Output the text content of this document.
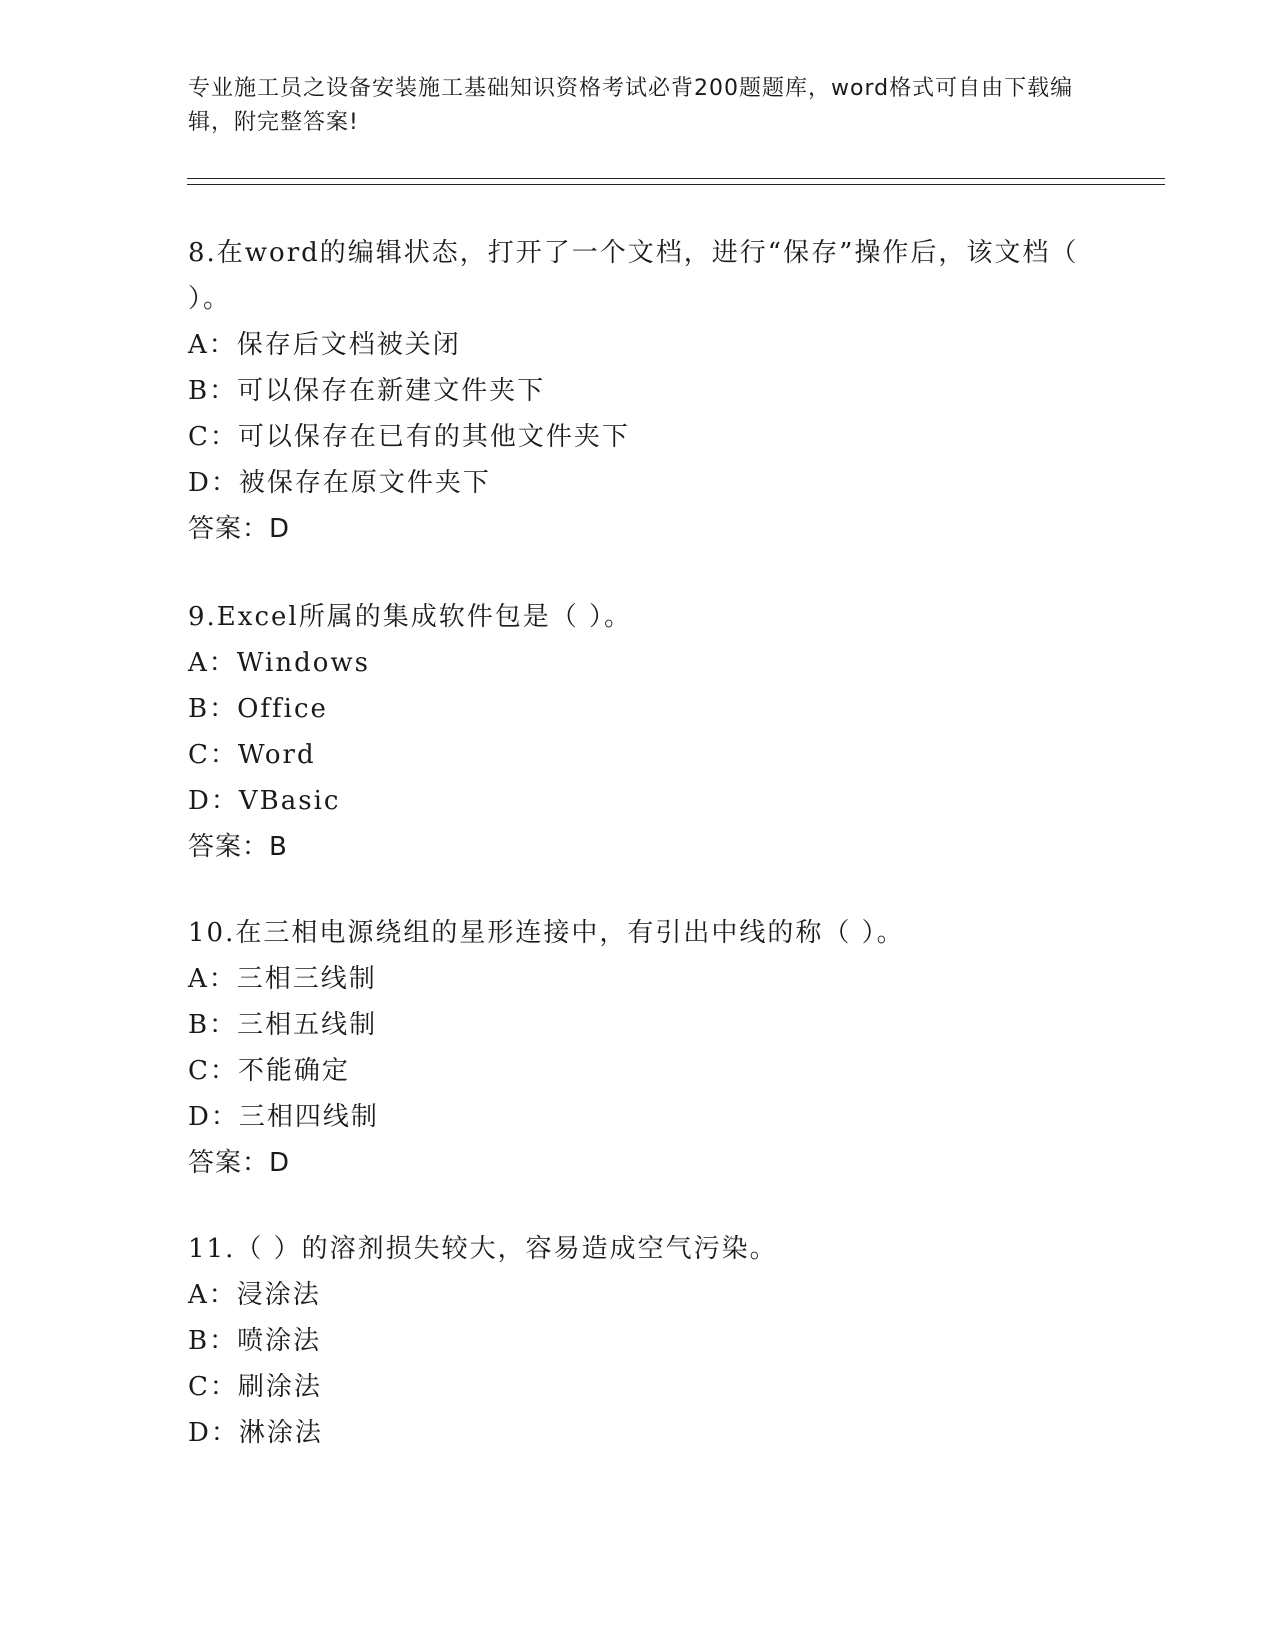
专业施工员之设备安装施工基础知识资格考试必背200题题库，word格式可自由下载编辑，附完整答案!

8.在word的编辑状态，打开了一个文档，进行“保存”操作后，该文档（ ）。

A：保存后文档被关闭

B：可以保存在新建文件夹下

C：可以保存在已有的其他文件夹下

D：被保存在原文件夹下

答案：D

9.Excel所属的集成软件包是（ ）。

A：Windows

B：Office

C：Word

D：VBasic

答案：B

10.在三相电源绕组的星形连接中，有引出中线的称（ ）。

A：三相三线制

B：三相五线制

C：不能确定

D：三相四线制

答案：D

11.（ ）的溶剂损失较大，容易造成空气污染。

A：浸涂法

B：喷涂法

C：刷涂法

D：淋涂法
